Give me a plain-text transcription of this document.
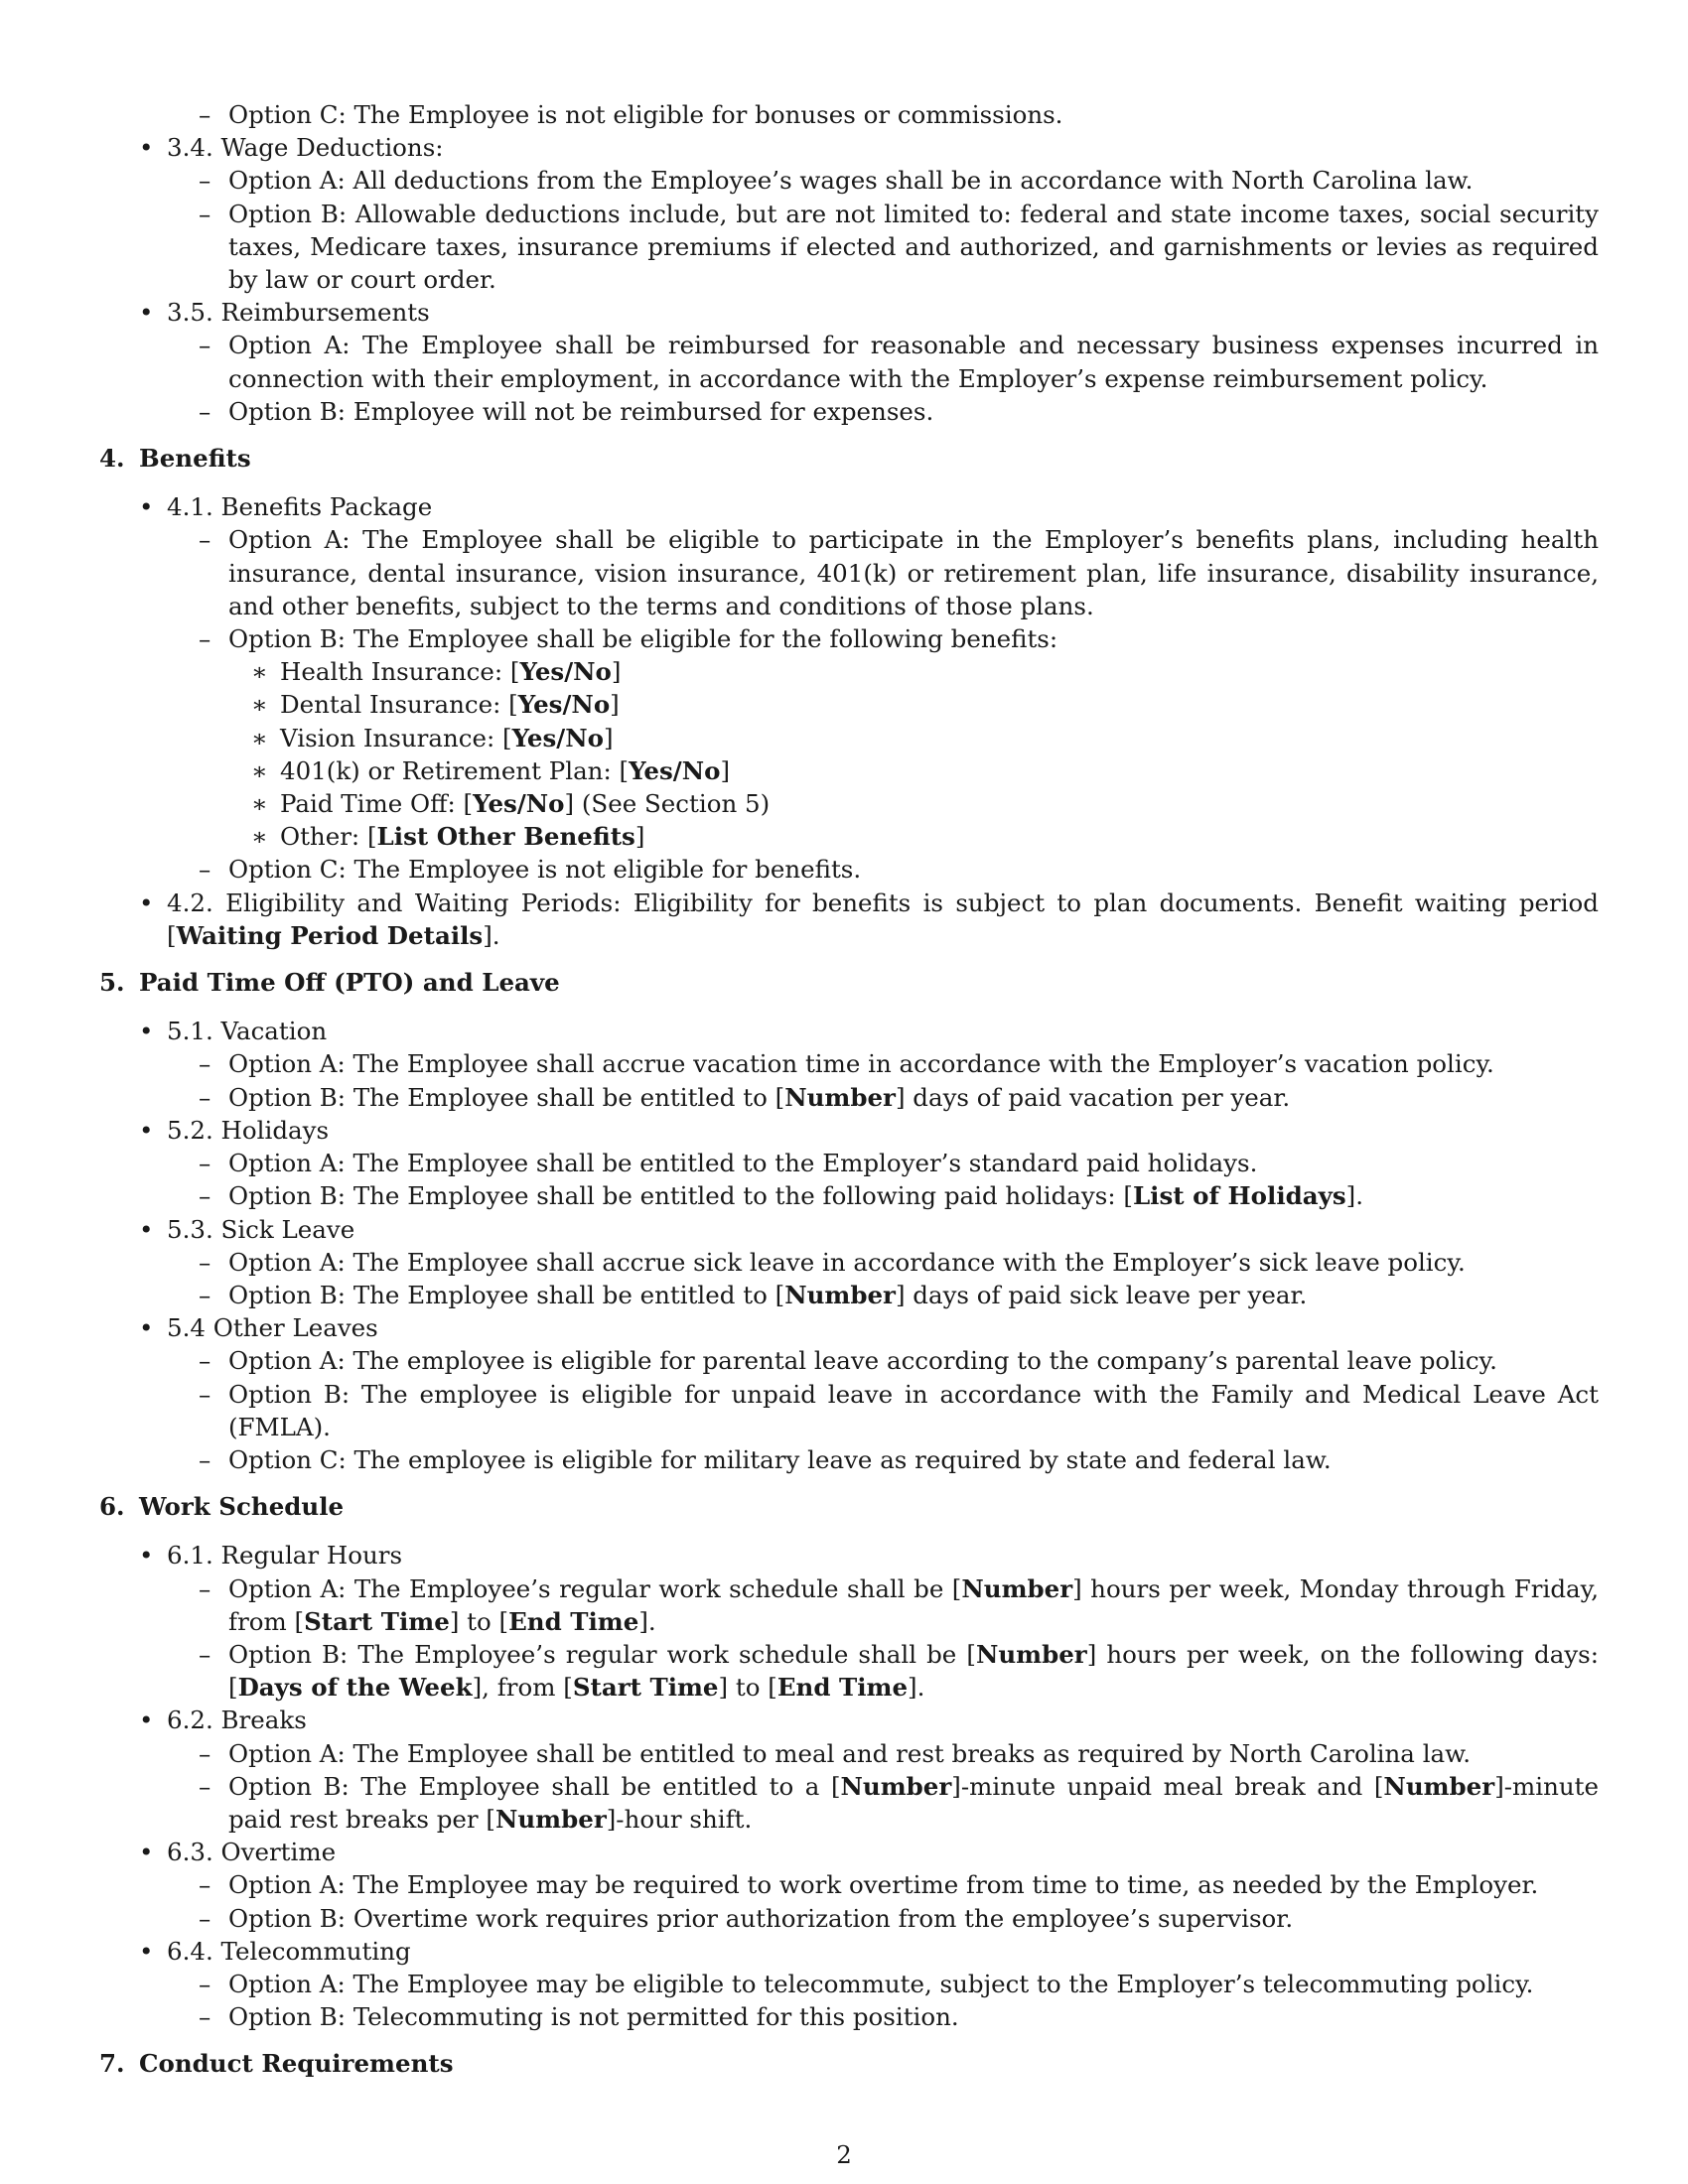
– Option C: The Employee is not eligible for bonuses or commissions.
• 3.4. Wage Deductions:
– Option A: All deductions from the Employee’s wages shall be in accordance with North Carolina law.
– Option B: Allowable deductions include, but are not limited to: federal and state income taxes, social security taxes, Medicare taxes, insurance premiums if elected and authorized, and garnishments or levies as required by law or court order.
• 3.5. Reimbursements
– Option A: The Employee shall be reimbursed for reasonable and necessary business expenses incurred in connection with their employment, in accordance with the Employer’s expense reimbursement policy.
– Option B: Employee will not be reimbursed for expenses.
4. Benefits
• 4.1. Benefits Package
– Option A: The Employee shall be eligible to participate in the Employer’s benefits plans, including health insurance, dental insurance, vision insurance, 401(k) or retirement plan, life insurance, disability insurance, and other benefits, subject to the terms and conditions of those plans.
– Option B: The Employee shall be eligible for the following benefits:
∗ Health Insurance: [Yes/No]
∗ Dental Insurance: [Yes/No]
∗ Vision Insurance: [Yes/No]
∗ 401(k) or Retirement Plan: [Yes/No]
∗ Paid Time Off: [Yes/No] (See Section 5)
∗ Other: [List Other Benefits]
– Option C: The Employee is not eligible for benefits.
• 4.2. Eligibility and Waiting Periods: Eligibility for benefits is subject to plan documents. Benefit waiting period [Waiting Period Details].
5. Paid Time Off (PTO) and Leave
• 5.1. Vacation
– Option A: The Employee shall accrue vacation time in accordance with the Employer’s vacation policy.
– Option B: The Employee shall be entitled to [Number] days of paid vacation per year.
• 5.2. Holidays
– Option A: The Employee shall be entitled to the Employer’s standard paid holidays.
– Option B: The Employee shall be entitled to the following paid holidays: [List of Holidays].
• 5.3. Sick Leave
– Option A: The Employee shall accrue sick leave in accordance with the Employer’s sick leave policy.
– Option B: The Employee shall be entitled to [Number] days of paid sick leave per year.
• 5.4 Other Leaves
– Option A: The employee is eligible for parental leave according to the company’s parental leave policy.
– Option B: The employee is eligible for unpaid leave in accordance with the Family and Medical Leave Act (FMLA).
– Option C: The employee is eligible for military leave as required by state and federal law.
6. Work Schedule
• 6.1. Regular Hours
– Option A: The Employee’s regular work schedule shall be [Number] hours per week, Monday through Friday, from [Start Time] to [End Time].
– Option B: The Employee’s regular work schedule shall be [Number] hours per week, on the following days: [Days of the Week], from [Start Time] to [End Time].
• 6.2. Breaks
– Option A: The Employee shall be entitled to meal and rest breaks as required by North Carolina law.
– Option B: The Employee shall be entitled to a [Number]-minute unpaid meal break and [Number]-minute paid rest breaks per [Number]-hour shift.
• 6.3. Overtime
– Option A: The Employee may be required to work overtime from time to time, as needed by the Employer.
– Option B: Overtime work requires prior authorization from the employee’s supervisor.
• 6.4. Telecommuting
– Option A: The Employee may be eligible to telecommute, subject to the Employer’s telecommuting policy.
– Option B: Telecommuting is not permitted for this position.
7. Conduct Requirements
2
